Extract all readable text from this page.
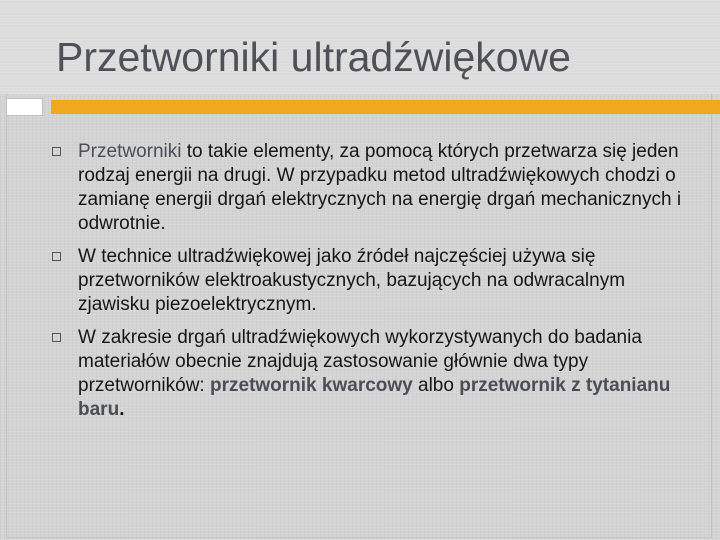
Przetworniki ultradźwiękowe
Przetworniki to takie elementy, za pomocą których przetwarza się jeden rodzaj energii na drugi. W przypadku metod ultradźwiękowych chodzi o zamianę energii drgań elektrycznych na energię drgań mechanicznych i odwrotnie.
W technice ultradźwiękowej jako źródeł najczęściej używa się przetworników elektroakustycznych, bazujących na odwracalnym zjawisku piezoelektrycznym.
W zakresie drgań ultradźwiękowych wykorzystywanych do badania materiałów obecnie znajdują zastosowanie głównie dwa typy przetworników: przetwornik kwarcowy albo przetwornik z tytanianu baru.
